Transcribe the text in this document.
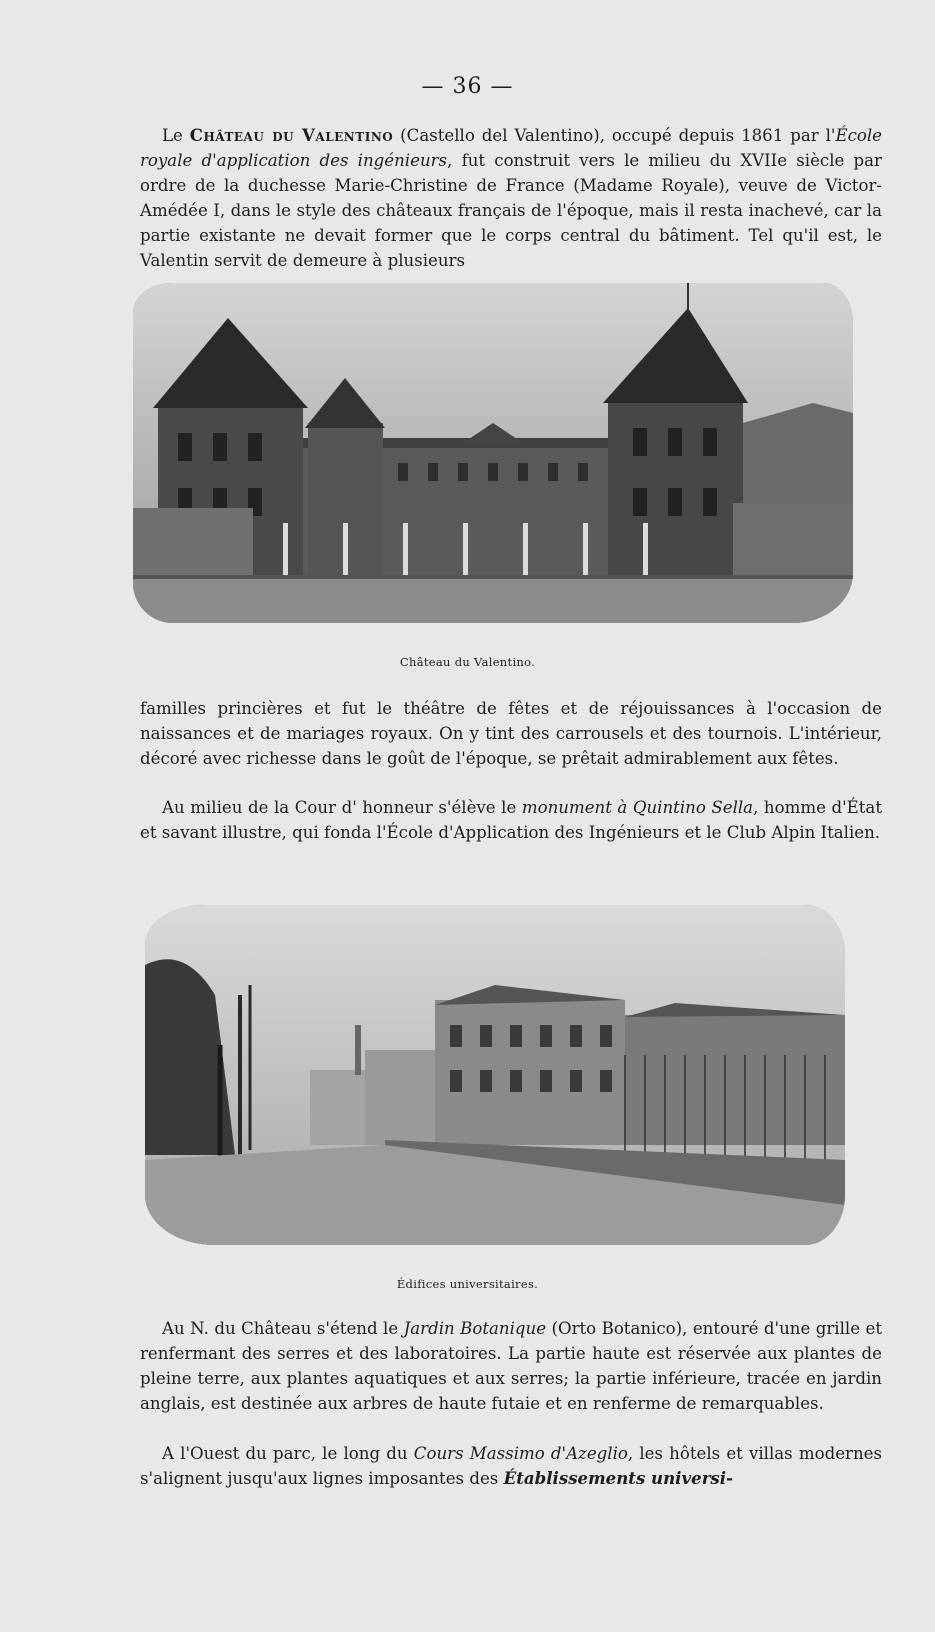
— 36 —

Le Château du Valentino (Castello del Valentino), occupé depuis 1861 par l'École royale d'application des ingénieurs, fut construit vers le milieu du XVIIe siècle par ordre de la duchesse Marie-Christine de France (Madame Royale), veuve de Victor-Amédée I, dans le style des châteaux français de l'époque, mais il resta inachevé, car la partie existante ne devait former que le corps central du bâtiment. Tel qu'il est, le Valentin servit de demeure à plusieurs

Château du Valentino.

familles princières et fut le théâtre de fêtes et de réjouissances à l'occasion de naissances et de mariages royaux. On y tint des carrousels et des tournois. L'intérieur, décoré avec richesse dans le goût de l'époque, se prêtait admirablement aux fêtes.

Au milieu de la Cour d' honneur s'élève le monument à Quintino Sella, homme d'État et savant illustre, qui fonda l'École d'Application des Ingénieurs et le Club Alpin Italien.

Édifices universitaires.

Au N. du Château s'étend le Jardin Botanique (Orto Botanico), entouré d'une grille et renfermant des serres et des laboratoires. La partie haute est réservée aux plantes de pleine terre, aux plantes aquatiques et aux serres; la partie inférieure, tracée en jardin anglais, est destinée aux arbres de haute futaie et en renferme de remarquables.

A l'Ouest du parc, le long du Cours Massimo d'Azeglio, les hôtels et villas modernes s'alignent jusqu'aux lignes imposantes des Établissements universi-
